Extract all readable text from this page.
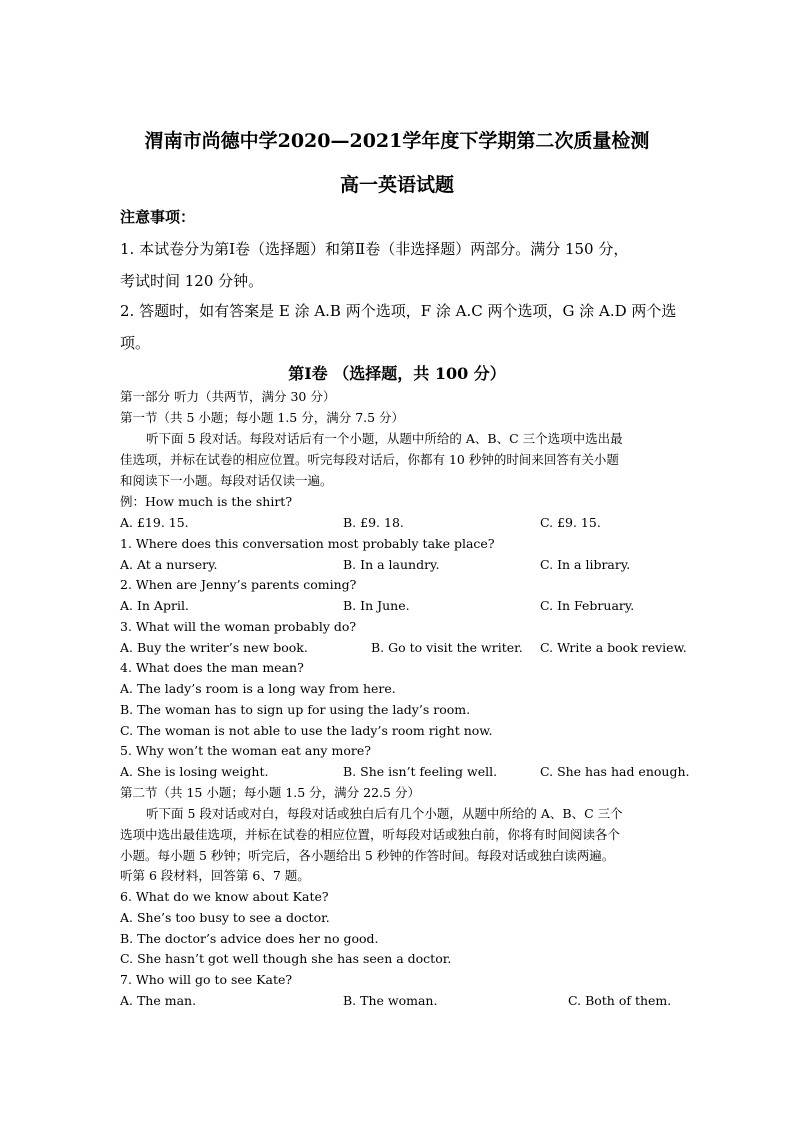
渭南市尚德中学2020—2021学年度下学期第二次质量检测
高一英语试题
注意事项：
1. 本试卷分为第Ⅰ卷（选择题）和第Ⅱ卷（非选择题）两部分。满分 150 分，
考试时间 120 分钟。
2. 答题时，如有答案是 E 涂 A.B 两个选项，F 涂 A.C 两个选项，G 涂 A.D 两个选
项。
第Ⅰ卷 （选择题，共 100 分）
第一部分 听力（共两节，满分 30 分）
第一节（共 5 小题；每小题 1.5 分，满分 7.5 分）
听下面 5 段对话。每段对话后有一个小题，从题中所给的 A、B、C 三个选项中选出最
佳选项，并标在试卷的相应位置。听完每段对话后，你都有 10 秒钟的时间来回答有关小题
和阅读下一小题。每段对话仅读一遍。
例：How much is the shirt?
A. £19. 15.	B. £9. 18.	C. £9. 15.
1. Where does this conversation most probably take place?
A. At a nursery.	B. In a laundry.	C. In a library.
2. When are Jenny’s parents coming?
A. In April.	B. In June.	C. In February.
3. What will the woman probably do?
A. Buy the writer’s new book.	B. Go to visit the writer. C. Write a book review.
4. What does the man mean?
A. The lady’s room is a long way from here.
B. The woman has to sign up for using the lady’s room.
C. The woman is not able to use the lady’s room right now.
5. Why won’t the woman eat any more?
A. She is losing weight.	B. She isn’t feeling well.	C. She has had enough.
第二节（共 15 小题；每小题 1.5 分，满分 22.5 分）
听下面 5 段对话或对白，每段对话或独白后有几个小题，从题中所给的 A、B、C 三个
选项中选出最佳选项，并标在试卷的相应位置，听每段对话或独白前，你将有时间阅读各个
小题。每小题 5 秒钟；听完后，各小题给出 5 秒钟的作答时间。每段对话或独白读两遍。
听第 6 段材料，回答第 6、7 题。
6. What do we know about Kate?
A. She’s too busy to see a doctor.
B. The doctor’s advice does her no good.
C. She hasn’t got well though she has seen a doctor.
7. Who will go to see Kate?
A. The man.	B. The woman.	C. Both of them.
